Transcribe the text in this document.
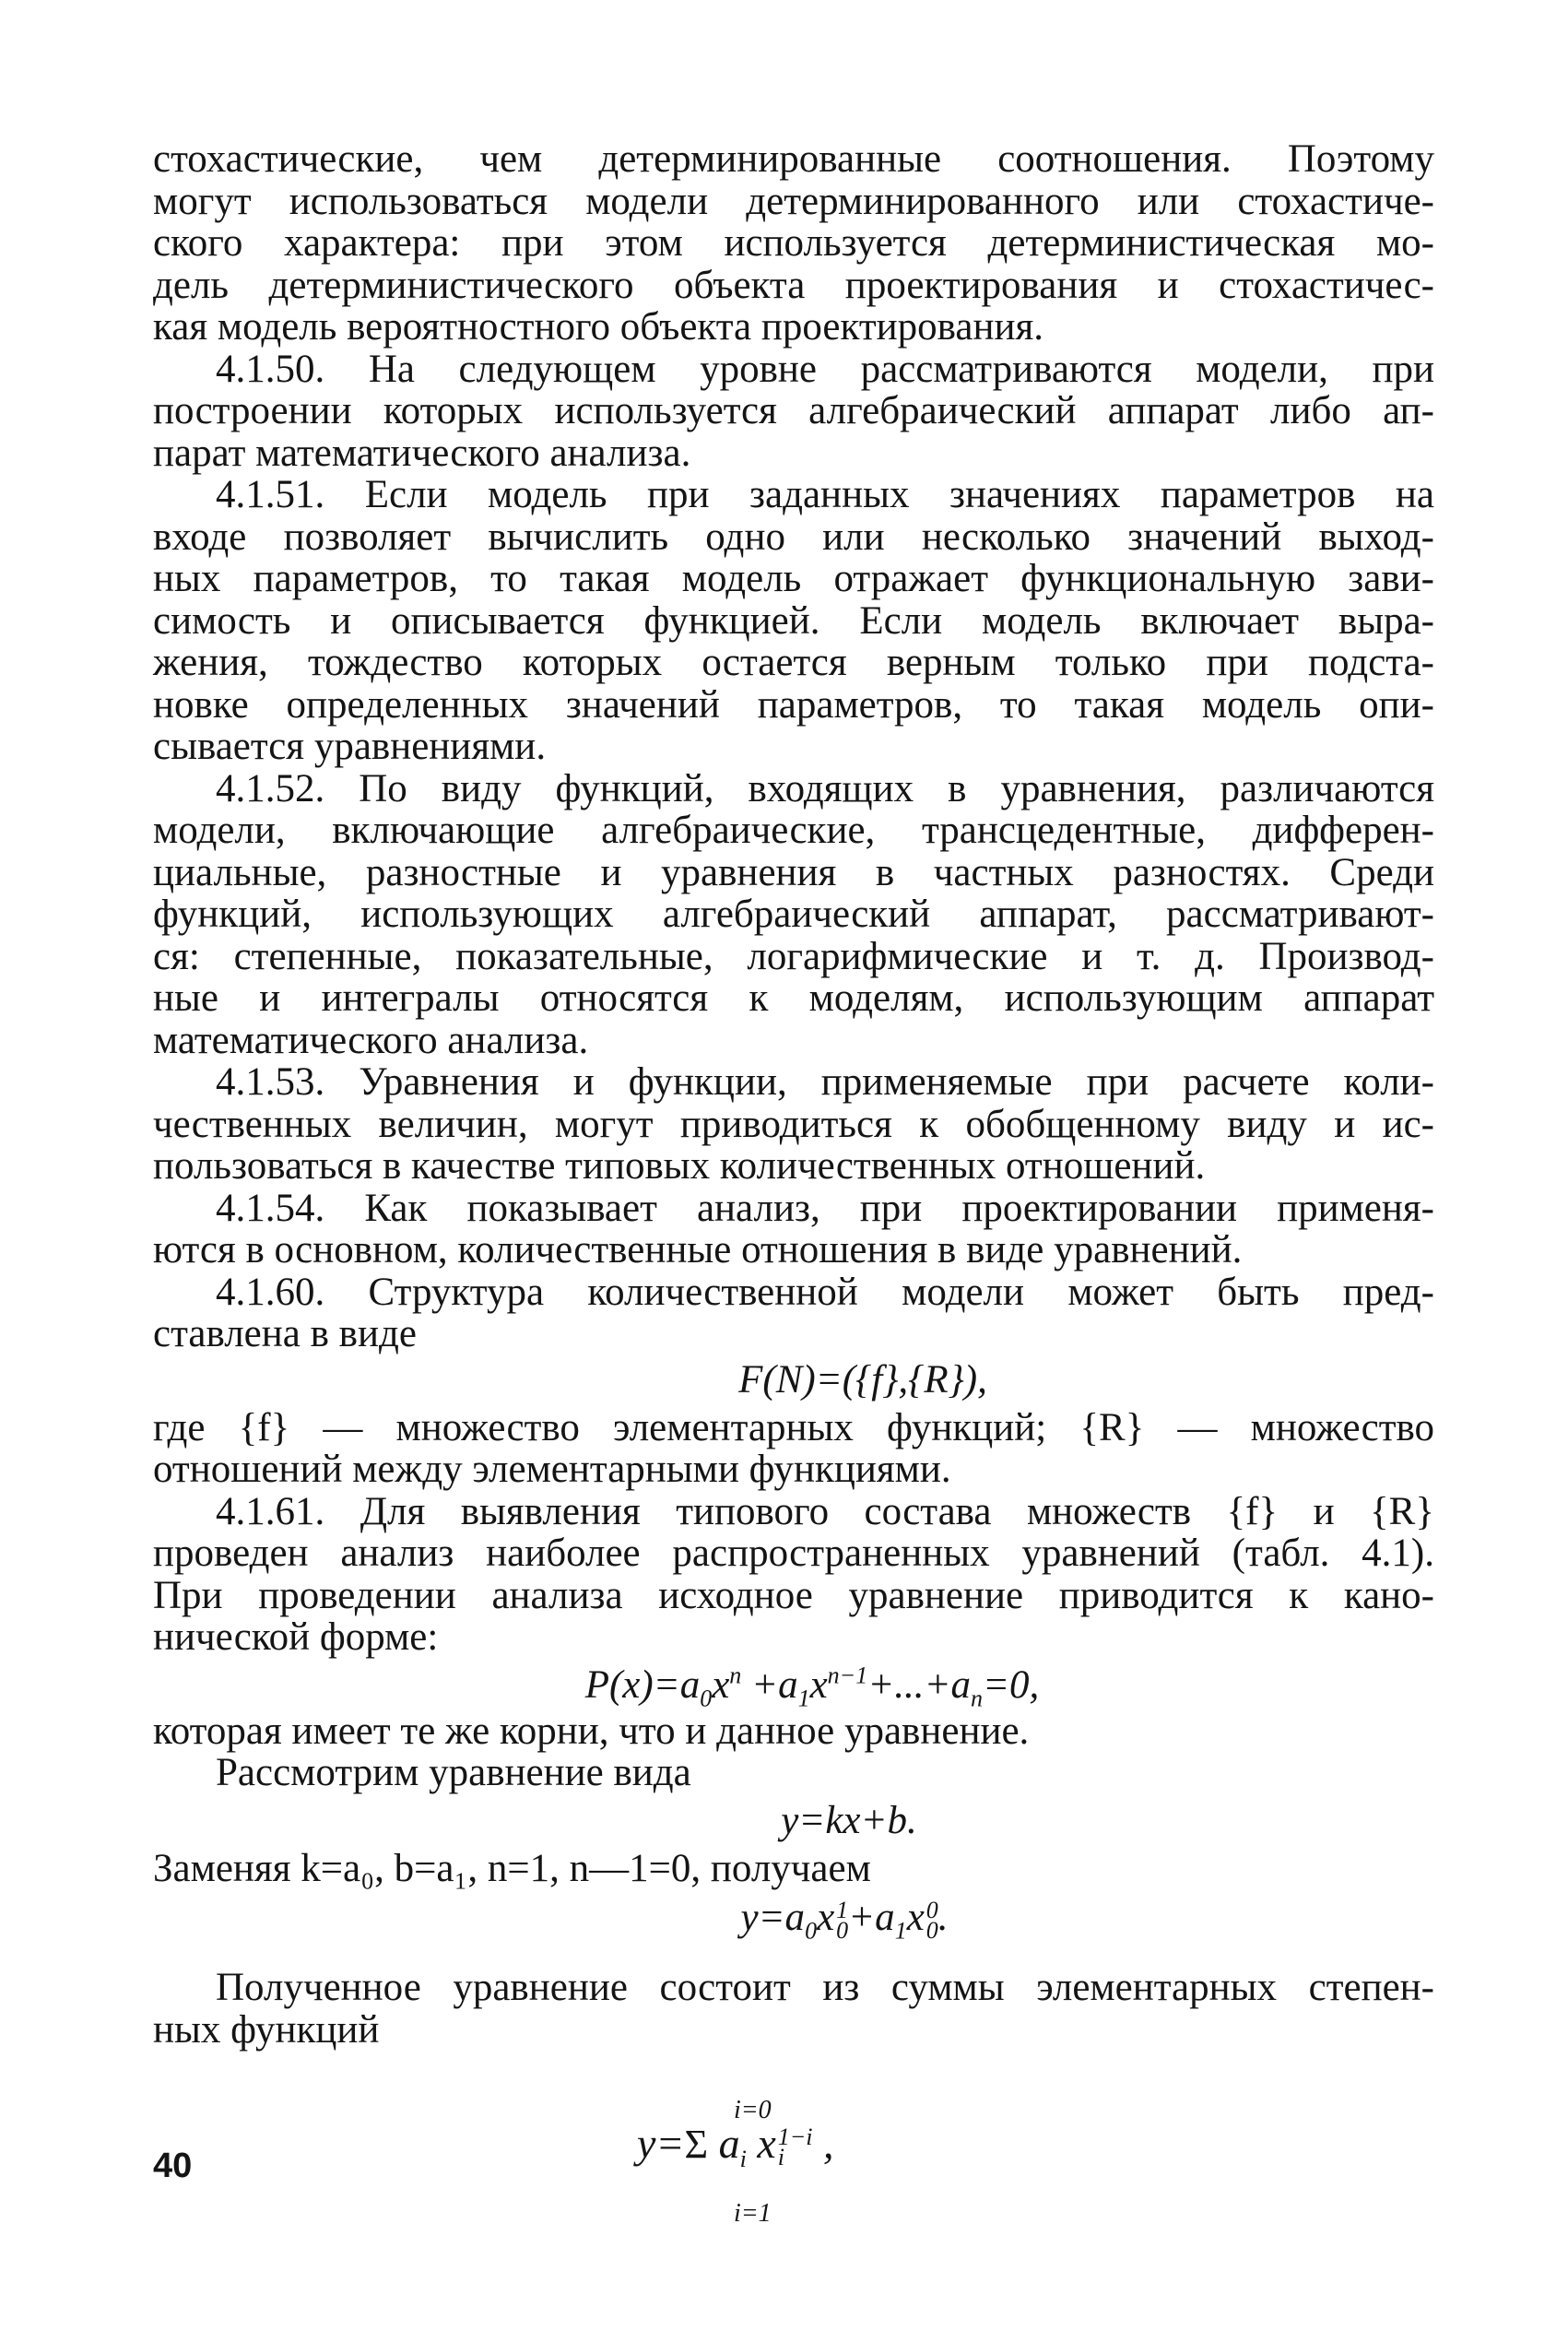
стохастические, чем детерминированные соотношения. Поэтому
могут использоваться модели детерминированного или стохастиче-
ского характера: при этом используется детерминистическая мо-
дель детерминистического объекта проектирования и стохастичес-
кая модель вероятностного объекта проектирования.
4.1.50. На следующем уровне рассматриваются модели, при
построении которых используется алгебраический аппарат либо ап-
парат математического анализа.
4.1.51. Если модель при заданных значениях параметров на
входе позволяет вычислить одно или несколько значений выход-
ных параметров, то такая модель отражает функциональную зави-
симость и описывается функцией. Если модель включает выра-
жения, тождество которых остается верным только при подста-
новке определенных значений параметров, то такая модель опи-
сывается уравнениями.
4.1.52. По виду функций, входящих в уравнения, различаются
модели, включающие алгебраические, трансцедентные, дифферен-
циальные, разностные и уравнения в частных разностях. Среди
функций, использующих алгебраический аппарат, рассматривают-
ся: степенные, показательные, логарифмические и т. д. Производ-
ные и интегралы относятся к моделям, использующим аппарат
математического анализа.
4.1.53. Уравнения и функции, применяемые при расчете коли-
чественных величин, могут приводиться к обобщенному виду и ис-
пользоваться в качестве типовых количественных отношений.
4.1.54. Как показывает анализ, при проектировании применя-
ются в основном, количественные отношения в виде уравнений.
4.1.60. Структура количественной модели может быть пред-
ставлена в виде
F(N)=({f},{R}),
где {f} — множество элементарных функций; {R} — множество
отношений между элементарными функциями.
4.1.61. Для выявления типового состава множеств {f} и {R}
проведен анализ наиболее распространенных уравнений (табл. 4.1).
При проведении анализа исходное уравнение приводится к кано-
нической форме:
$P(x)=a_0x^n +a_1x^{n-1}+...+a_n=0$,
которая имеет те же корни, что и данное уравнение.
Рассмотрим уравнение вида
y=kx+b.
Заменяя k=a₀, b=a₁, n=1, n—1=0, получаем
$y=a_0x$ 1
$0 +a_1x$ 0
0 .
Полученное уравнение состоит из суммы элементарных степен-
ных функций
i=0
y=Σ $a_i$ x 1−i
i ,
i=1
40
